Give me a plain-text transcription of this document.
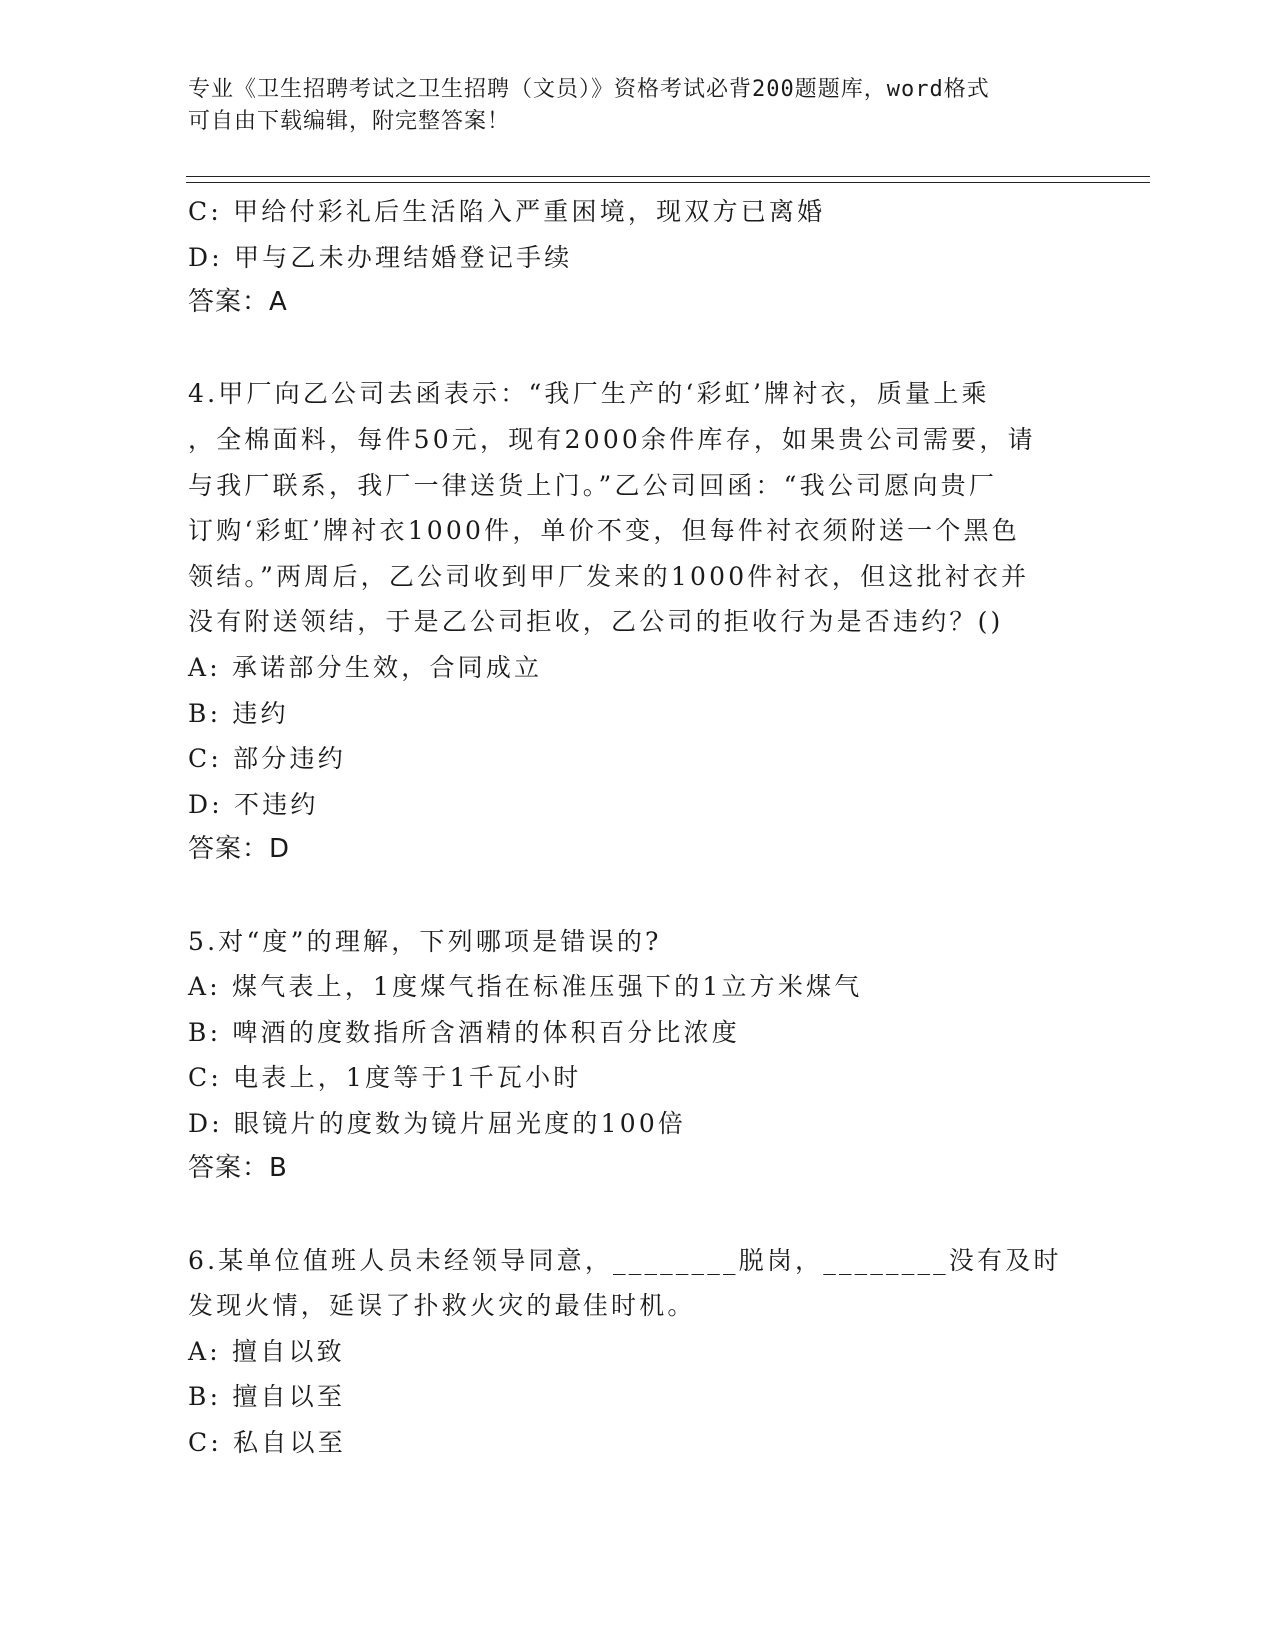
专业《卫生招聘考试之卫生招聘（文员）》资格考试必背200题题库，word格式
可自由下载编辑，附完整答案！
C: 甲给付彩礼后生活陷入严重困境，现双方已离婚
D: 甲与乙未办理结婚登记手续
答案：A
4.甲厂向乙公司去函表示：“我厂生产的‘彩虹’牌衬衣，质量上乘
，全棉面料，每件50元，现有2000余件库存，如果贵公司需要，请
与我厂联系，我厂一律送货上门。”乙公司回函：“我公司愿向贵厂
订购‘彩虹’牌衬衣1000件，单价不变，但每件衬衣须附送一个黑色
领结。”两周后，乙公司收到甲厂发来的1000件衬衣，但这批衬衣并
没有附送领结，于是乙公司拒收，乙公司的拒收行为是否违约？()
A: 承诺部分生效，合同成立
B: 违约
C: 部分违约
D: 不违约
答案：D
5.对“度”的理解，下列哪项是错误的?
A: 煤气表上，1度煤气指在标准压强下的1立方米煤气
B: 啤酒的度数指所含酒精的体积百分比浓度
C: 电表上，1度等于1千瓦小时
D: 眼镜片的度数为镜片屈光度的100倍
答案：B
6.某单位值班人员未经领导同意，________脱岗，________没有及时
发现火情，延误了扑救火灾的最佳时机。
A: 擅自以致
B: 擅自以至
C: 私自以至
